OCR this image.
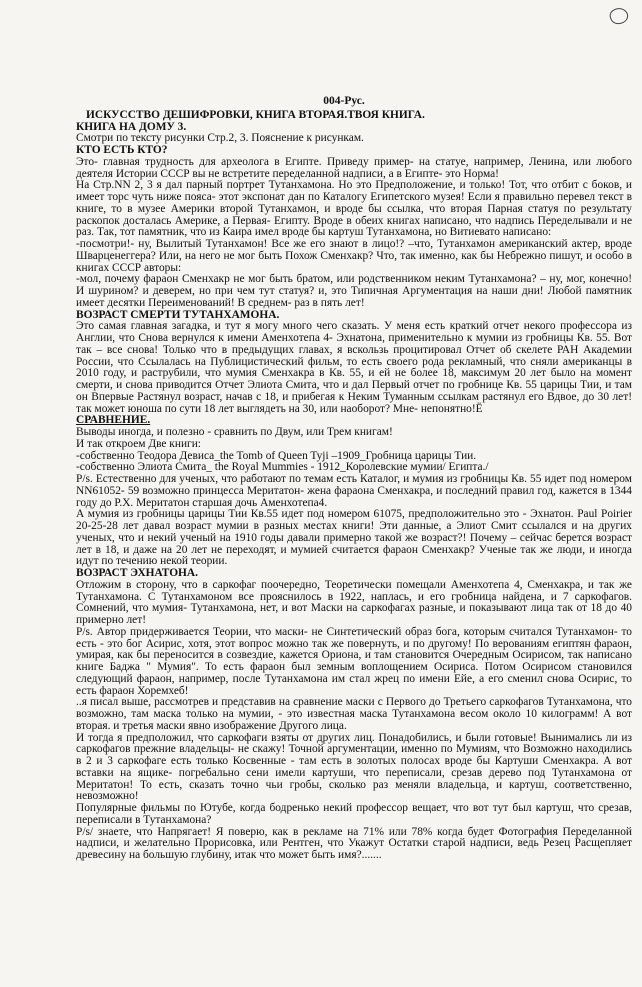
004-Рус.

ИСКУССТВО ДЕШИФРОВКИ, КНИГА ВТОРАЯ.ТВОЯ КНИГА.

КНИГА НА ДОМУ 3.

Смотри по тексту рисунки Стр.2, 3. Пояснение к рисункам.

КТО ЕСТЬ КТО?

Это- главная трудность для археолога в Египте. Приведу пример- на статуе, например, Ленина, или любого деятеля Истории СССР вы не встретите переделанной надписи, а в Египте- это Норма!

На Стр.NN 2, 3 я дал парный портрет Тутанхамона. Но это Предположение, и только! Тот, что отбит с боков, и имеет торс чуть ниже пояса- этот экспонат дан по Каталогу Египетского музея! Если я правильно перевел текст в книге, то в музее Америки второй Тутанхамон, и вроде бы ссылка, что вторая Парная статуя по результату раскопок досталась Америке, а Первая- Египту. Вроде в обеих книгах написано, что надпись Переделывали и не раз. Так, тот памятник, что из Каира имел вроде бы картуш Тутанхамона, но Витиевато написано:

-посмотри!- ну, Вылитый Тутанхамон! Все же его знают в лицо!? –что, Тутанхамон американский актер, вроде Шварценеггера? Или, на него не мог быть Похож Сменхакр? Что, так именно, как бы Небрежно пишут, и особо в книгах СССР авторы:

-мол, почему фараон Сменхакр не мог быть братом, или родственником неким Тутанхамона? – ну, мог, конечно! И шурином? и деверем, но при чем тут статуя? и, это Типичная Аргументация на наши дни! Любой памятник имеет десятки Переименований! В среднем- раз в пять лет!

ВОЗРАСТ СМЕРТИ ТУТАНХАМОНА.

Это самая главная загадка, и тут я могу много чего сказать. У меня есть краткий отчет некого профессора из Англии, что Снова вернулся к имени Аменхотепа 4- Эхнатона, применительно к мумии из гробницы Кв. 55. Вот так – все снова! Только что в предыдущих главах, я вскользь процитировал Отчет об скелете РАН Академии России, что Ссылалась на Публицистический фильм, то есть своего рода рекламный, что сняли американцы в 2010 году, и раструбили, что мумия Сменхакра в Кв. 55, и ей не более 18, максимум 20 лет было на момент смерти, и снова приводится Отчет Элиота Смита, что и дал Первый отчет по гробнице Кв. 55 царицы Тии, и там он Впервые Растянул возраст, начав с 18, и прибегая к Неким Туманным ссылкам растянул его Вдвое, до 30 лет! так может юноша по сути 18 лет выглядеть на 30, или наоборот? Мне- непонятно!Ё

СРАВНЕНИЕ.

Выводы иногда, и полезно - сравнить по Двум, или Трем книгам!

И так откроем Две книги:

-собственно Теодора Девиса_the Tomb of Queen Tyji –1909_Гробница царицы Тии.

-собственно Элиота Смита_ the Royal Mummies - 1912_Королевские мумии/ Египта./

P/s. Естественно для ученых, что работают по темам есть Каталог, и мумия из гробницы Кв. 55 идет под номером NN61052- 59 возможно принцесса Меритатон- жена фараона Сменхакра, и последний правил год, кажется в 1344 году до Р.Х. Меритатон старшая дочь Аменхотепа4.

А мумия из гробницы царицы Тии Кв.55 идет под номером 61075, предположительно это - Эхнатон. Paul Poirier 20-25-28 лет давал возраст мумии в разных местах книги! Эти данные, а Элиот Смит ссылался и на других ученых, что и некий ученый на 1910 годы давали примерно такой же возраст?! Почему – сейчас берется возраст лет в 18, и даже на 20 лет не переходят, и мумией считается фараон Сменхакр? Ученые так же люди, и иногда идут по течению некой теории.

ВОЗРАСТ ЭХНАТОНА.

Отложим в сторону, что в саркофаг поочередно, Теоретически помещали Аменхотепа 4, Сменхакра, и так же Тутанхамона. С Тутанхамоном все прояснилось в 1922, наплась, и его гробница найдена, и 7 саркофагов. Сомнений, что мумия- Тутанхамона, нет, и вот Маски на саркофагах разные, и показывают лица так от 18 до 40 примерно лет!

P/s. Автор придерживается Теории, что маски- не Синтетический образ бога, которым считался Тутанхамон- то есть - это бог Асирис, хотя, этот вопрос можно так же повернуть, и по другому! По верованиям египтян фараон, умирая, как бы переносится в созвездие, кажется Ориона, и там становится Очередным Осирисом, так написано книге Баджа " Мумия". То есть фараон был земным воплощением Осириса. Потом Осирисом становился следующий фараон, например, после Тутанхамона им стал жрец по имени Ейе, а его сменил снова Осирис, то есть фараон Хоремхеб!

..я писал выше, рассмотрев и представив на сравнение маски с Первого до Третьего саркофагов Тутанхамона, что возможно, там маска только на мумии, - это известная маска Тутанхамона весом около 10 килограмм! А вот вторая. и третья маски явно изображение Другого лица.

И тогда я предположил, что саркофаги взяты от других лиц. Понадобились, и были готовые! Вынимались ли из саркофагов прежние владельцы- не скажу! Точной аргументации, именно по Мумиям, что Возможно находились в 2 и 3 саркофаге есть только Косвенные - там есть в золотых полосах вроде бы Картуши Сменхакра. А вот вставки на ящике- погребально сени имели картуши, что переписали, срезав дерево под Тутанхамона от Меритатон! То есть, сказать точно чьи гробы, сколько раз меняли владельца, и картуш, соответственно, невозможно!

Популярные фильмы по Ютубе, когда бодренько некий профессор вещает, что вот тут был картуш, что срезав, переписали в Тутанхамона?

P/s/ знаете, что Напрягает! Я поверю, как в рекламе на 71% или 78% когда будет Фотография Переделанной надписи, и желательно Прорисовка, или Рентген, что Укажут Остатки старой надписи, ведь Резец Расщепляет древесину на большую глубину, итак что может быть имя?.......
